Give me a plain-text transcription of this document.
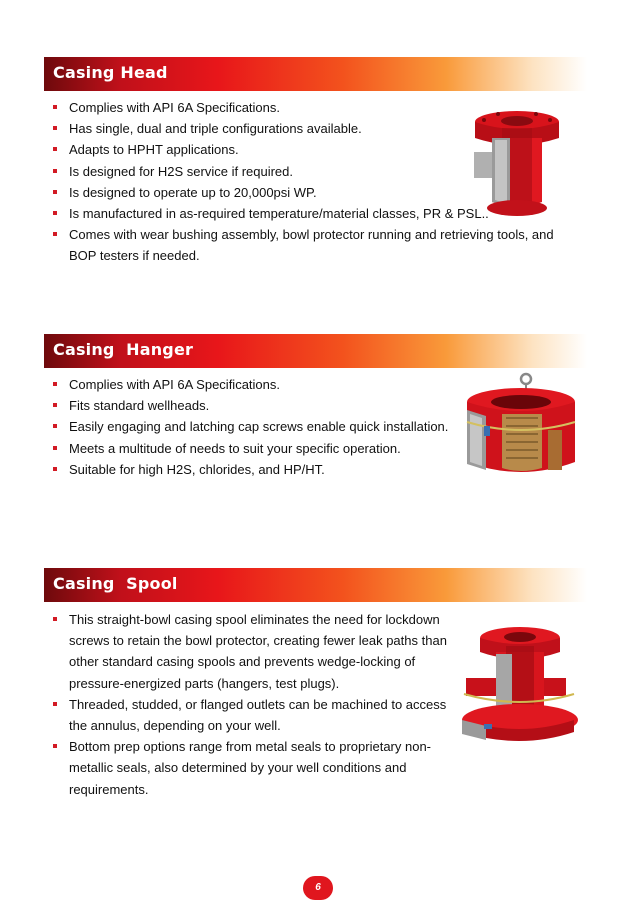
Casing Head
Complies with API 6A Specifications.
Has single, dual and triple configurations available.
Adapts to HPHT applications.
Is designed for H2S service if required.
Is designed to operate up to 20,000psi WP.
Is manufactured in as-required temperature/material classes, PR & PSL..
Comes with wear bushing assembly, bowl protector running and retrieving tools, and BOP testers if needed.
Casing  Hanger
Complies with API 6A Specifications.
Fits standard wellheads.
Easily engaging and latching cap screws enable quick installation.
Meets a multitude of needs to suit your specific operation.
Suitable for high H2S, chlorides, and HP/HT.
Casing  Spool
This straight-bowl casing spool eliminates the need for lockdown screws to retain the bowl protector, creating fewer leak paths than other standard casing spools and prevents wedge-locking of pressure-energized parts (hangers, test plugs).
Threaded, studded, or flanged outlets can be machined to access the annulus, depending on your well.
Bottom prep options range from metal seals to proprietary non-metallic seals, also determined by your well conditions and requirements.
6
